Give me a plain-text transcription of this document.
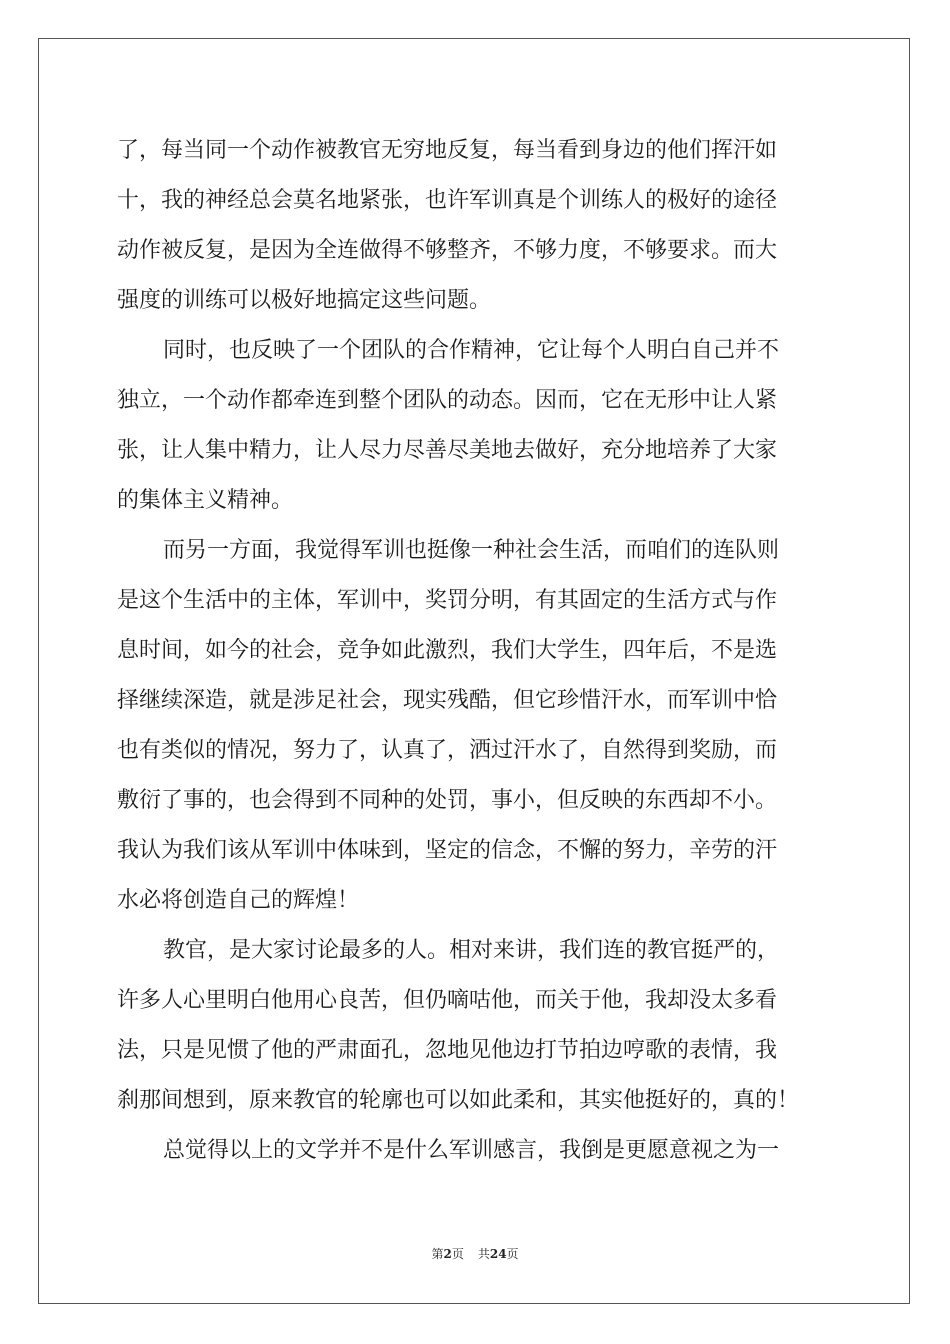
了，每当同一个动作被教官无穷地反复，每当看到身边的他们挥汗如
十，我的神经总会莫名地紧张，也许军训真是个训练人的极好的途径
动作被反复，是因为全连做得不够整齐，不够力度，不够要求。而大
强度的训练可以极好地搞定这些问题。
同时，也反映了一个团队的合作精神，它让每个人明白自己并不
独立，一个动作都牵连到整个团队的动态。因而，它在无形中让人紧
张，让人集中精力，让人尽力尽善尽美地去做好，充分地培养了大家
的集体主义精神。
而另一方面，我觉得军训也挺像一种社会生活，而咱们的连队则
是这个生活中的主体，军训中，奖罚分明，有其固定的生活方式与作
息时间，如今的社会，竞争如此激烈，我们大学生，四年后，不是选
择继续深造，就是涉足社会，现实残酷，但它珍惜汗水，而军训中恰
也有类似的情况，努力了，认真了，洒过汗水了，自然得到奖励，而
敷衍了事的，也会得到不同种的处罚，事小，但反映的东西却不小。
我认为我们该从军训中体味到，坚定的信念，不懈的努力，辛劳的汗
水必将创造自己的辉煌！
教官，是大家讨论最多的人。相对来讲，我们连的教官挺严的，
许多人心里明白他用心良苦，但仍嘀咕他，而关于他，我却没太多看
法，只是见惯了他的严肃面孔，忽地见他边打节拍边哼歌的表情，我
刹那间想到，原来教官的轮廓也可以如此柔和，其实他挺好的，真的！
总觉得以上的文学并不是什么军训感言，我倒是更愿意视之为一
第2页 共24页
